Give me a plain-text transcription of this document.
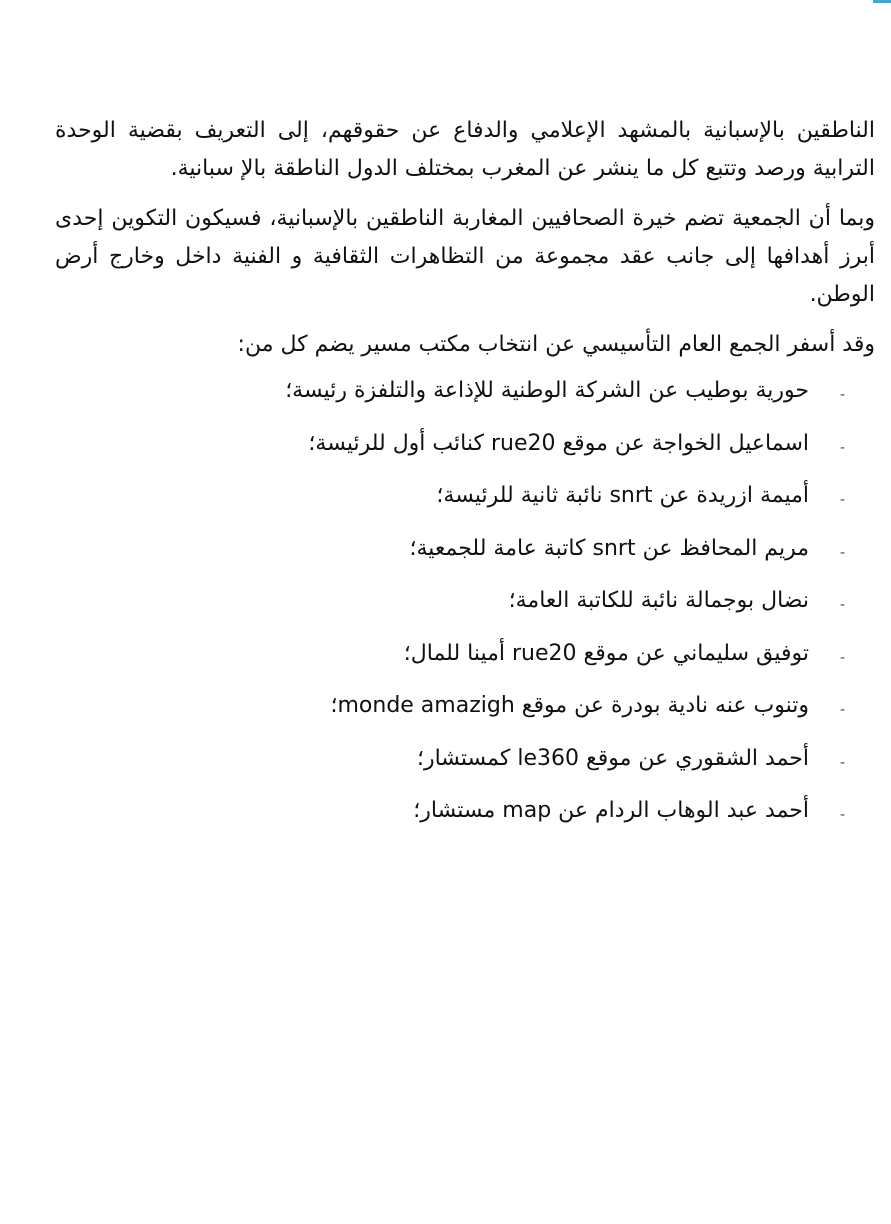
الناطقين بالإسبانية بالمشهد الإعلامي والدفاع عن حقوقهم، إلى التعريف بقضية الوحدة الترابية ورصد وتتبع كل ما ينشر عن المغرب بمختلف الدول الناطقة بالإ سبانية.

وبما أن الجمعية تضم خيرة الصحافيين المغاربة الناطقين بالإسبانية، فسيكون التكوين إحدى أبرز أهدافها إلى جانب عقد مجموعة من التظاهرات الثقافية و الفنية داخل وخارج أرض الوطن.

وقد أسفر الجمع العام التأسيسي عن انتخاب مكتب مسير يضم كل من:

-
حورية بوطيب عن الشركة الوطنية للإذاعة والتلفزة رئيسة؛
-
اسماعيل الخواجة عن موقع rue20 كنائب أول للرئيسة؛
-
أميمة ازريدة عن snrt نائبة ثانية للرئيسة؛
-
مريم المحافظ عن snrt كاتبة عامة للجمعية؛
-
نضال بوجمالة نائبة للكاتبة العامة؛
-
توفيق سليماني عن موقع rue20 أمينا للمال؛
-
وتنوب عنه نادية بودرة عن موقع monde amazigh؛
-
أحمد الشقوري عن موقع le360 كمستشار؛
-
أحمد عبد الوهاب الردام عن map مستشار؛
